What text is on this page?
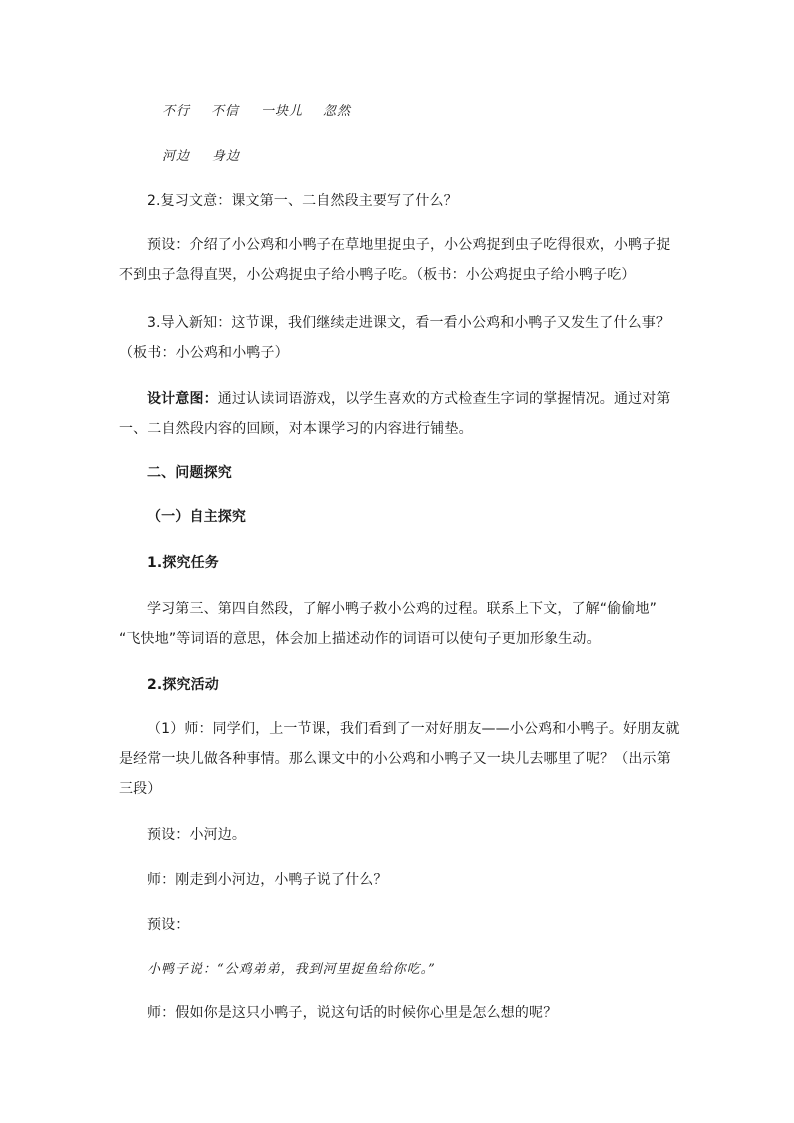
不行 不信 一块儿 忽然
河边 身边
2.复习文意：课文第一、二自然段主要写了什么？
预设：介绍了小公鸡和小鸭子在草地里捉虫子，小公鸡捉到虫子吃得很欢，小鸭子捉
不到虫子急得直哭，小公鸡捉虫子给小鸭子吃。（板书：小公鸡捉虫子给小鸭子吃）
3.导入新知：这节课，我们继续走进课文，看一看小公鸡和小鸭子又发生了什么事？
（板书：小公鸡和小鸭子）
设计意图：通过认读词语游戏，以学生喜欢的方式检查生字词的掌握情况。通过对第
一、二自然段内容的回顾，对本课学习的内容进行铺垫。
二、问题探究
（一）自主探究
1.探究任务
学习第三、第四自然段，了解小鸭子救小公鸡的过程。联系上下文，了解“偷偷地”
“飞快地”等词语的意思，体会加上描述动作的词语可以使句子更加形象生动。
2.探究活动
（1）师：同学们，上一节课，我们看到了一对好朋友——小公鸡和小鸭子。好朋友就
是经常一块儿做各种事情。那么课文中的小公鸡和小鸭子又一块儿去哪里了呢？（出示第
三段）
预设：小河边。
师：刚走到小河边，小鸭子说了什么？
预设：
小鸭子说：“公鸡弟弟，我到河里捉鱼给你吃。”
师：假如你是这只小鸭子，说这句话的时候你心里是怎么想的呢？
